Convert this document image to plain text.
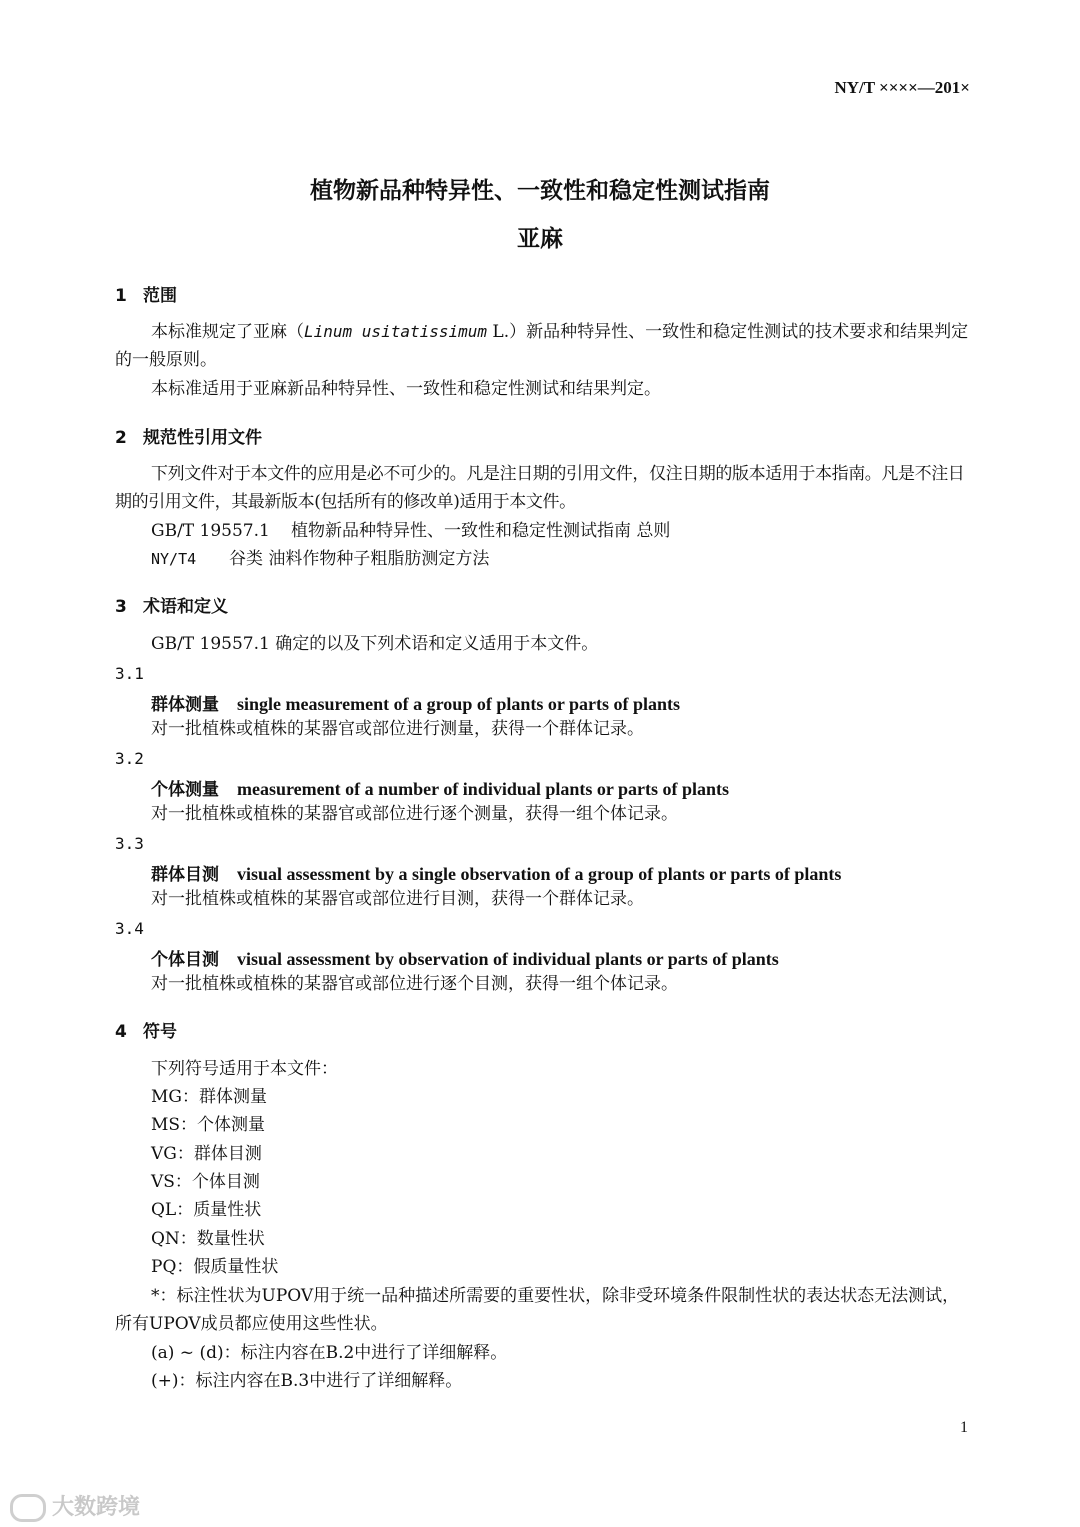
NY/T ××××—201×
植物新品种特异性、一致性和稳定性测试指南
亚麻
1 范围
本标准规定了亚麻（Linum usitatissimum L.）新品种特异性、一致性和稳定性测试的技术要求和结果判定的一般原则。
本标准适用于亚麻新品种特异性、一致性和稳定性测试和结果判定。
2 规范性引用文件
下列文件对于本文件的应用是必不可少的。凡是注日期的引用文件，仅注日期的版本适用于本指南。凡是不注日期的引用文件，其最新版本(包括所有的修改单)适用于本文件。
GB/T 19557.1 植物新品种特异性、一致性和稳定性测试指南 总则
NY/T4 谷类 油料作物种子粗脂肪测定方法
3 术语和定义
GB/T 19557.1 确定的以及下列术语和定义适用于本文件。
3.1
群体测量 single measurement of a group of plants or parts of plants
对一批植株或植株的某器官或部位进行测量，获得一个群体记录。
3.2
个体测量 measurement of a number of individual plants or parts of plants
对一批植株或植株的某器官或部位进行逐个测量，获得一组个体记录。
3.3
群体目测 visual assessment by a single observation of a group of plants or parts of plants
对一批植株或植株的某器官或部位进行目测，获得一个群体记录。
3.4
个体目测 visual assessment by observation of individual plants or parts of plants
对一批植株或植株的某器官或部位进行逐个目测，获得一组个体记录。
4 符号
下列符号适用于本文件：
MG：群体测量
MS：个体测量
VG：群体目测
VS：个体目测
QL：质量性状
QN：数量性状
PQ：假质量性状
*：标注性状为UPOV用于统一品种描述所需要的重要性状，除非受环境条件限制性状的表达状态无法测试，所有UPOV成员都应使用这些性状。
(a) ~ (d)：标注内容在B.2中进行了详细解释。
(+)：标注内容在B.3中进行了详细解释。
1
大数跨境
